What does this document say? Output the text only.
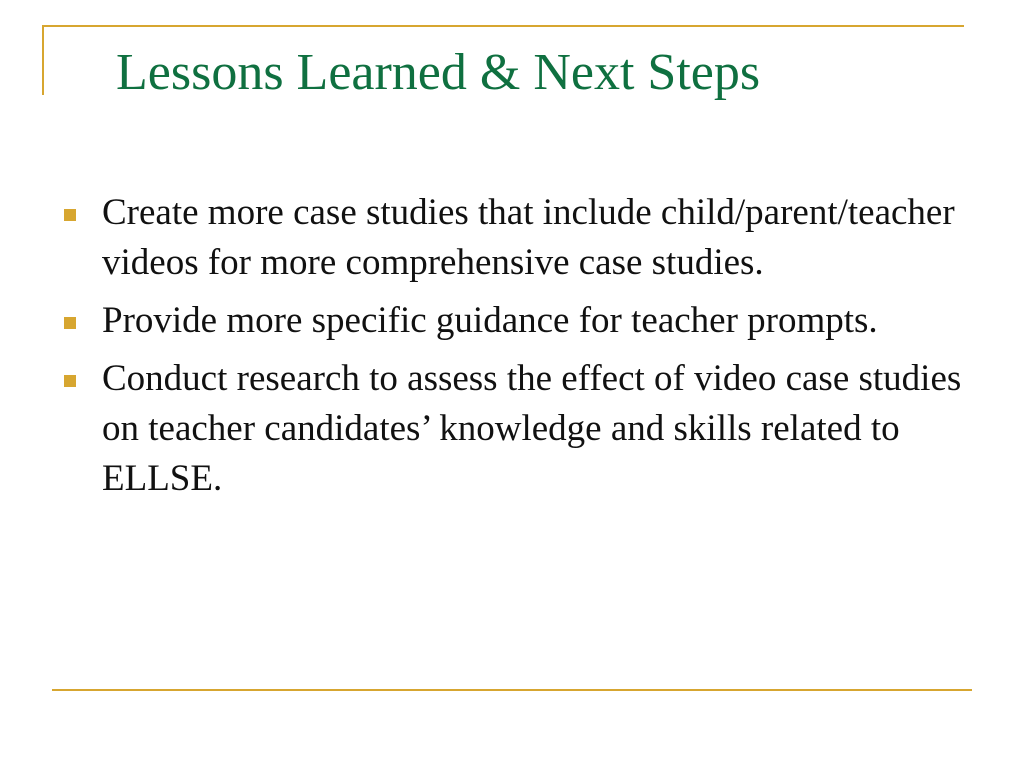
Lessons Learned & Next Steps
Create more case studies that include child/parent/teacher videos for more comprehensive case studies.
Provide more specific guidance for teacher prompts.
Conduct research to assess the effect of video case studies on teacher candidates’ knowledge and skills related to ELLSE.
